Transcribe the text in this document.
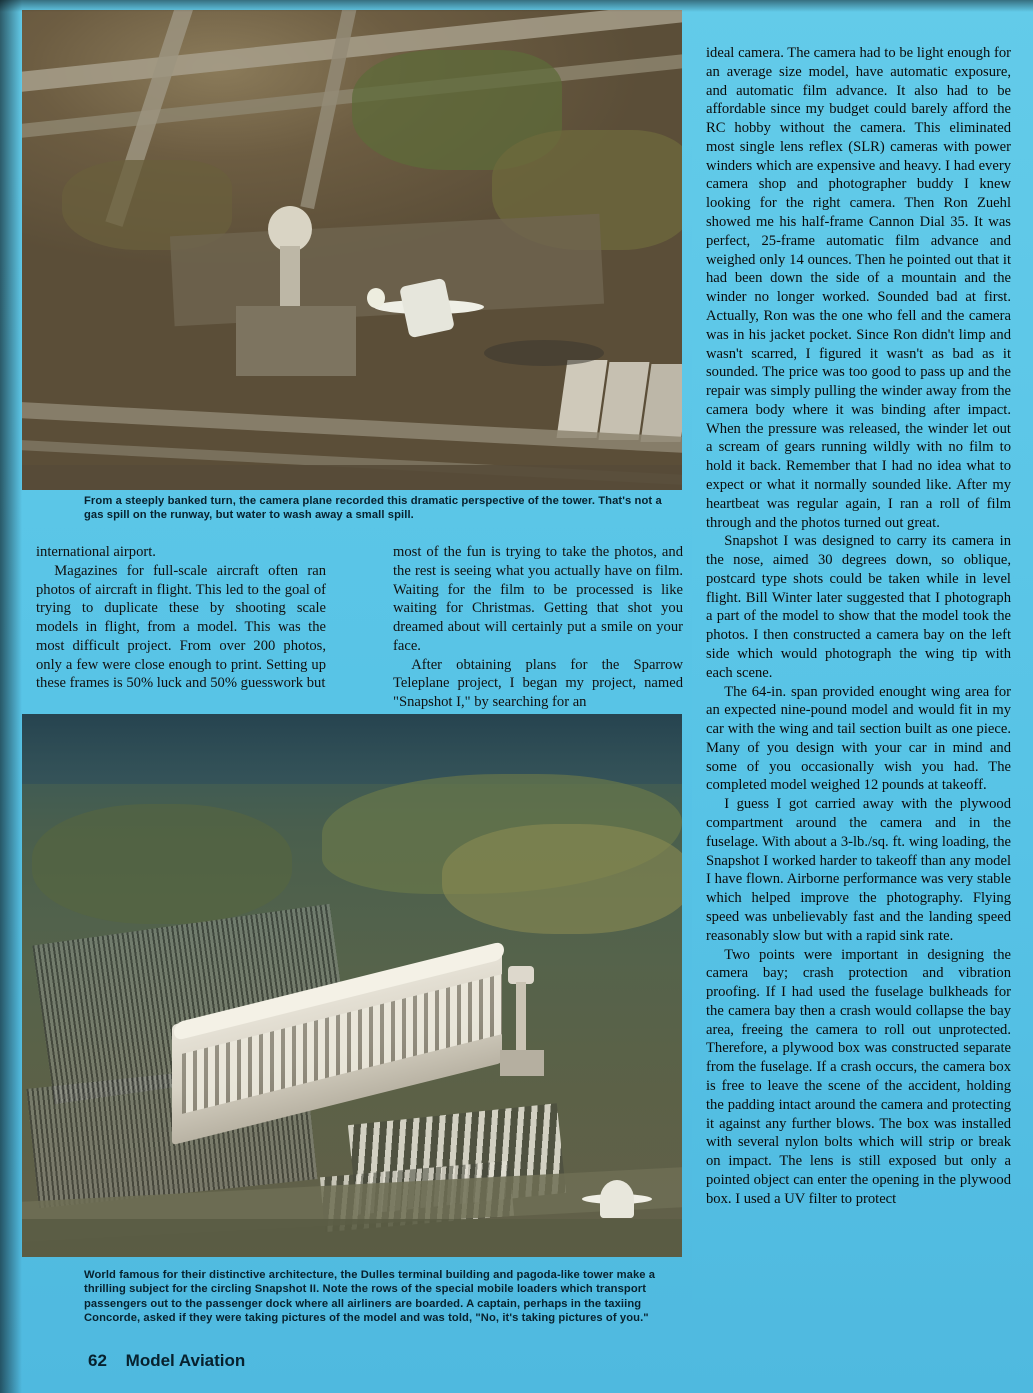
From a steeply banked turn, the camera plane recorded this dramatic perspective of the tower. That's not a gas spill on the runway, but water to wash away a small spill.

international airport.

Magazines for full-scale aircraft often ran photos of aircraft in flight. This led to the goal of trying to duplicate these by shooting scale models in flight, from a model. This was the most difficult project. From over 200 photos, only a few were close enough to print. Setting up these frames is 50% luck and 50% guesswork but

most of the fun is trying to take the photos, and the rest is seeing what you actually have on film. Waiting for the film to be processed is like waiting for Christmas. Getting that shot you dreamed about will certainly put a smile on your face.

After obtaining plans for the Sparrow Teleplane project, I began my project, named "Snapshot I," by searching for an

World famous for their distinctive architecture, the Dulles terminal building and pagoda-like tower make a thrilling subject for the circling Snapshot II. Note the rows of the special mobile loaders which transport passengers out to the passenger dock where all airliners are boarded. A captain, perhaps in the taxiing Concorde, asked if they were taking pictures of the model and was told, "No, it's taking pictures of you."
62 Model Aviation

ideal camera. The camera had to be light enough for an average size model, have automatic exposure, and automatic film advance. It also had to be affordable since my budget could barely afford the RC hobby without the camera. This eliminated most single lens reflex (SLR) cameras with power winders which are expensive and heavy. I had every camera shop and photographer buddy I knew looking for the right camera. Then Ron Zuehl showed me his half-frame Cannon Dial 35. It was perfect, 25-frame automatic film advance and weighed only 14 ounces. Then he pointed out that it had been down the side of a mountain and the winder no longer worked. Sounded bad at first. Actually, Ron was the one who fell and the camera was in his jacket pocket. Since Ron didn't limp and wasn't scarred, I figured it wasn't as bad as it sounded. The price was too good to pass up and the repair was simply pulling the winder away from the camera body where it was binding after impact. When the pressure was released, the winder let out a scream of gears running wildly with no film to hold it back. Remember that I had no idea what to expect or what it normally sounded like. After my heartbeat was regular again, I ran a roll of film through and the photos turned out great.

Snapshot I was designed to carry its camera in the nose, aimed 30 degrees down, so oblique, postcard type shots could be taken while in level flight. Bill Winter later suggested that I photograph a part of the model to show that the model took the photos. I then constructed a camera bay on the left side which would photograph the wing tip with each scene.

The 64-in. span provided enought wing area for an expected nine-pound model and would fit in my car with the wing and tail section built as one piece. Many of you design with your car in mind and some of you occasionally wish you had. The completed model weighed 12 pounds at takeoff.

I guess I got carried away with the plywood compartment around the camera and in the fuselage. With about a 3-lb./sq. ft. wing loading, the Snapshot I worked harder to takeoff than any model I have flown. Airborne performance was very stable which helped improve the photography. Flying speed was unbelievably fast and the landing speed reasonably slow but with a rapid sink rate.

Two points were important in designing the camera bay; crash protection and vibration proofing. If I had used the fuselage bulkheads for the camera bay then a crash would collapse the bay area, freeing the camera to roll out unprotected. Therefore, a plywood box was constructed separate from the fuselage. If a crash occurs, the camera box is free to leave the scene of the accident, holding the padding intact around the camera and protecting it against any further blows. The box was installed with several nylon bolts which will strip or break on impact. The lens is still exposed but only a pointed object can enter the opening in the plywood box. I used a UV filter to protect
